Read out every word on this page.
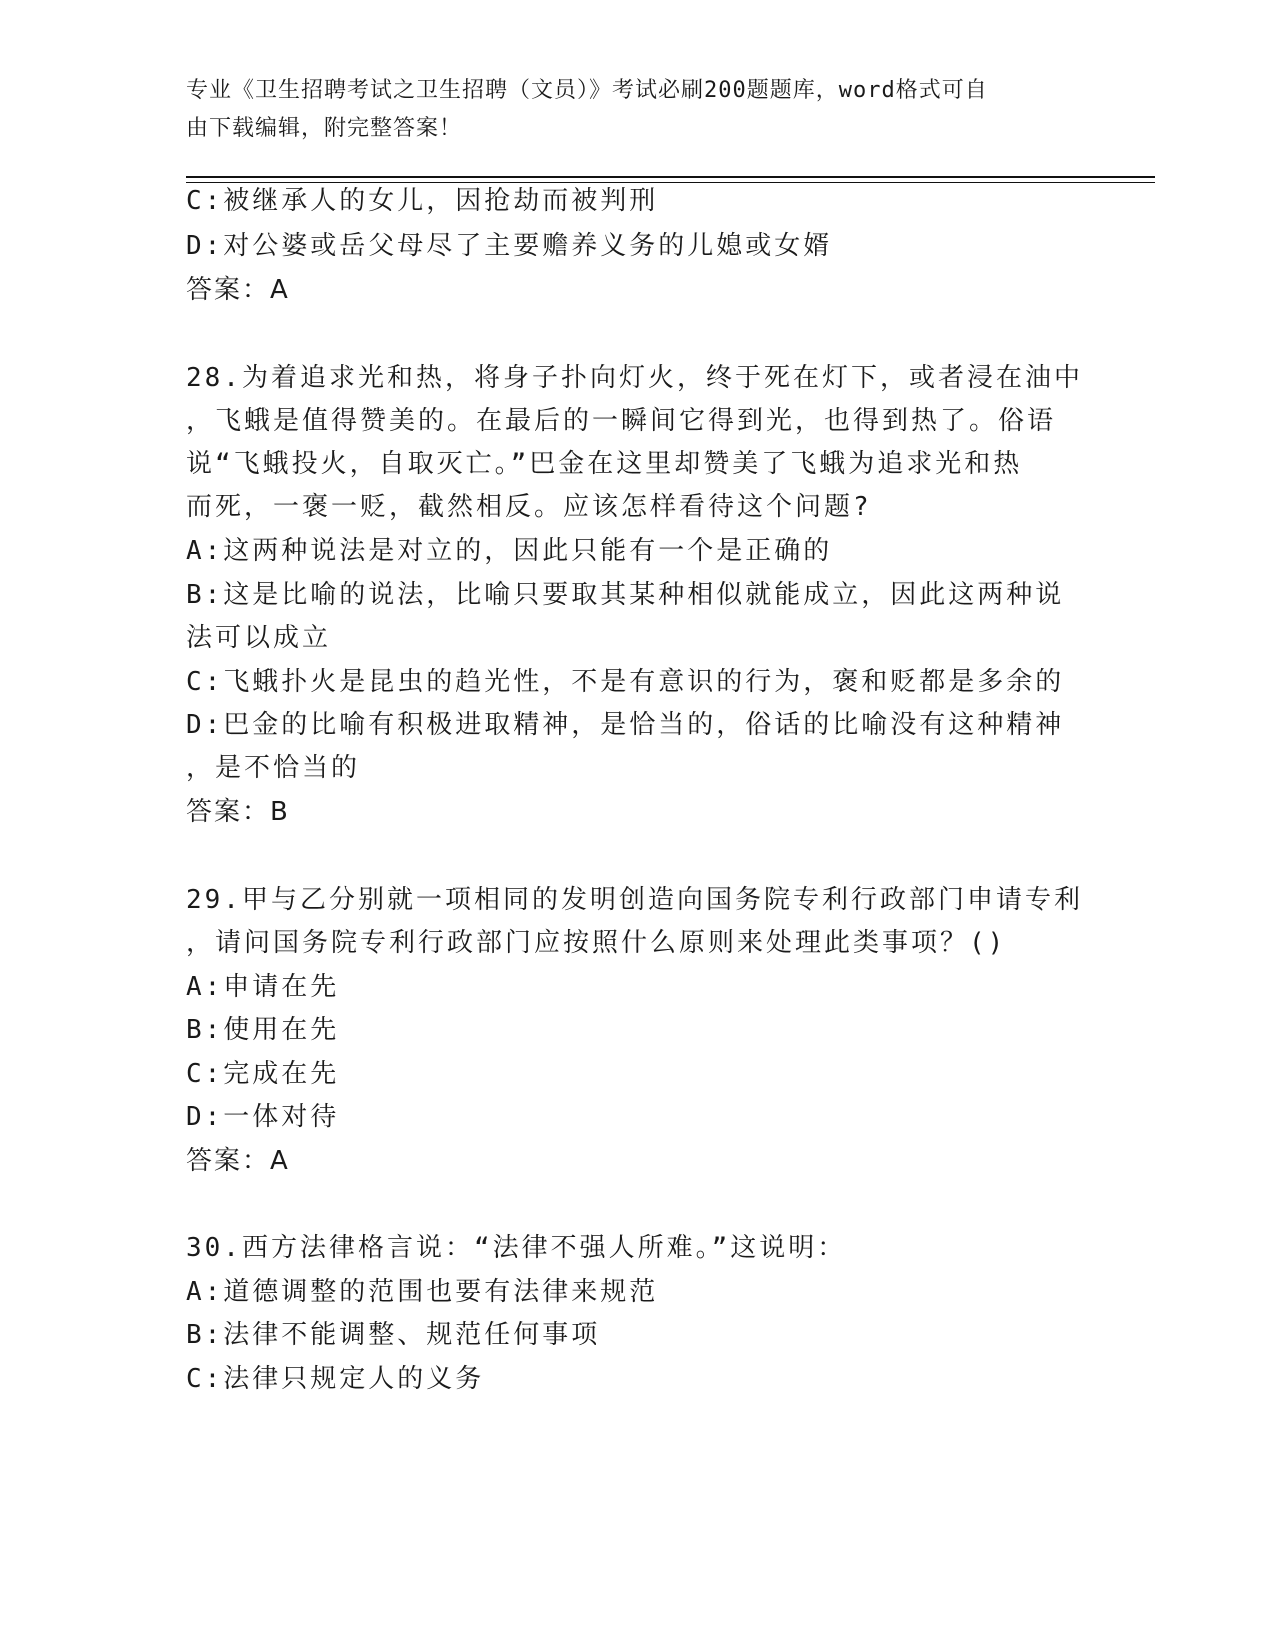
专业《卫生招聘考试之卫生招聘（文员）》考试必刷200题题库，word格式可自
由下载编辑，附完整答案！
C:被继承人的女儿，因抢劫而被判刑
D:对公婆或岳父母尽了主要赡养义务的儿媳或女婿
答案：A
28.为着追求光和热，将身子扑向灯火，终于死在灯下，或者浸在油中
，飞蛾是值得赞美的。在最后的一瞬间它得到光，也得到热了。俗语
说“飞蛾投火，自取灭亡。”巴金在这里却赞美了飞蛾为追求光和热
而死，一褒一贬，截然相反。应该怎样看待这个问题?
A:这两种说法是对立的，因此只能有一个是正确的
B:这是比喻的说法，比喻只要取其某种相似就能成立，因此这两种说
法可以成立
C:飞蛾扑火是昆虫的趋光性，不是有意识的行为，褒和贬都是多余的
D:巴金的比喻有积极进取精神，是恰当的，俗话的比喻没有这种精神
，是不恰当的
答案：B
29.甲与乙分别就一项相同的发明创造向国务院专利行政部门申请专利
，请问国务院专利行政部门应按照什么原则来处理此类事项？()
A:申请在先
B:使用在先
C:完成在先
D:一体对待
答案：A
30.西方法律格言说：“法律不强人所难。”这说明：
A:道德调整的范围也要有法律来规范
B:法律不能调整、规范任何事项
C:法律只规定人的义务
